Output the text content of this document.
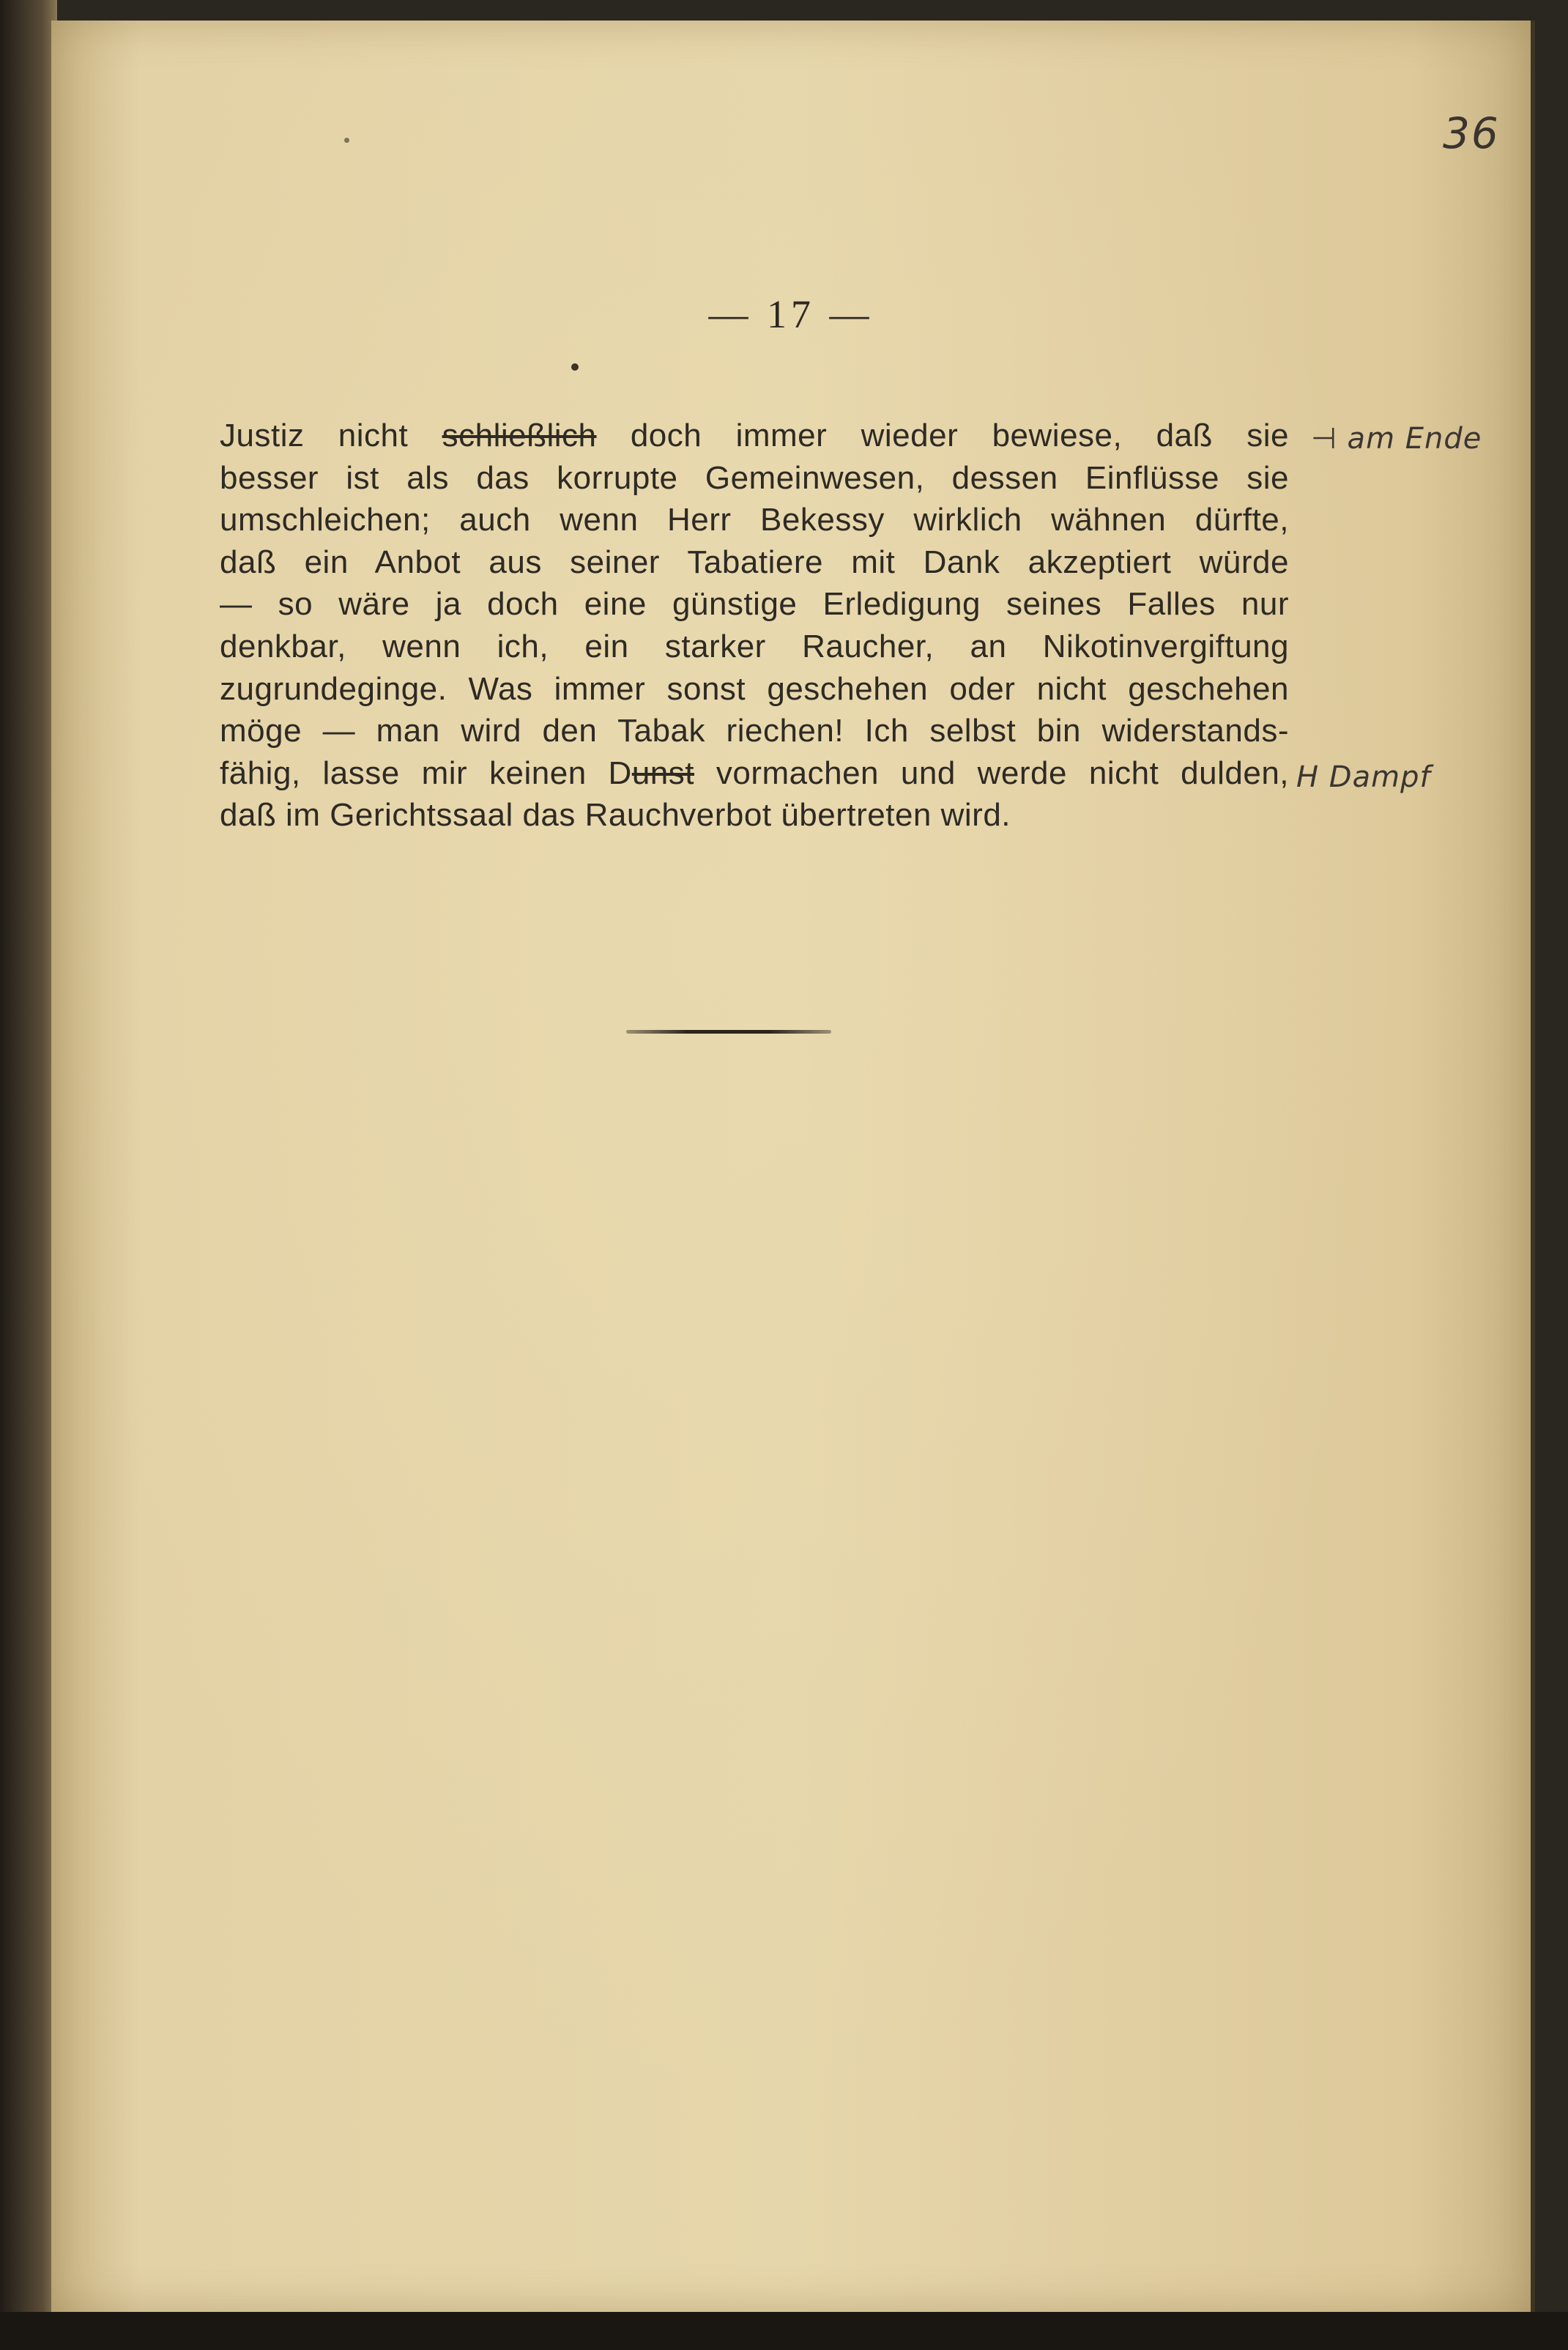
36
— 17 —
Justiz nicht schließlich doch immer wieder bewiese, daß sie
besser ist als das korrupte Gemeinwesen, dessen Einflüsse sie
umschleichen; auch wenn Herr Bekessy wirklich wähnen dürfte,
daß ein Anbot aus seiner Tabatiere mit Dank akzeptiert würde
— so wäre ja doch eine günstige Erledigung seines Falles nur
denkbar, wenn ich, ein starker Raucher, an Nikotinvergiftung
zugrundeginge. Was immer sonst geschehen oder nicht geschehen
möge — man wird den Tabak riechen! Ich selbst bin widerstands-
fähig, lasse mir keinen Dunst vormachen und werde nicht dulden,
daß im Gerichtssaal das Rauchverbot übertreten wird.
⊣ am Ende
H Dampf
